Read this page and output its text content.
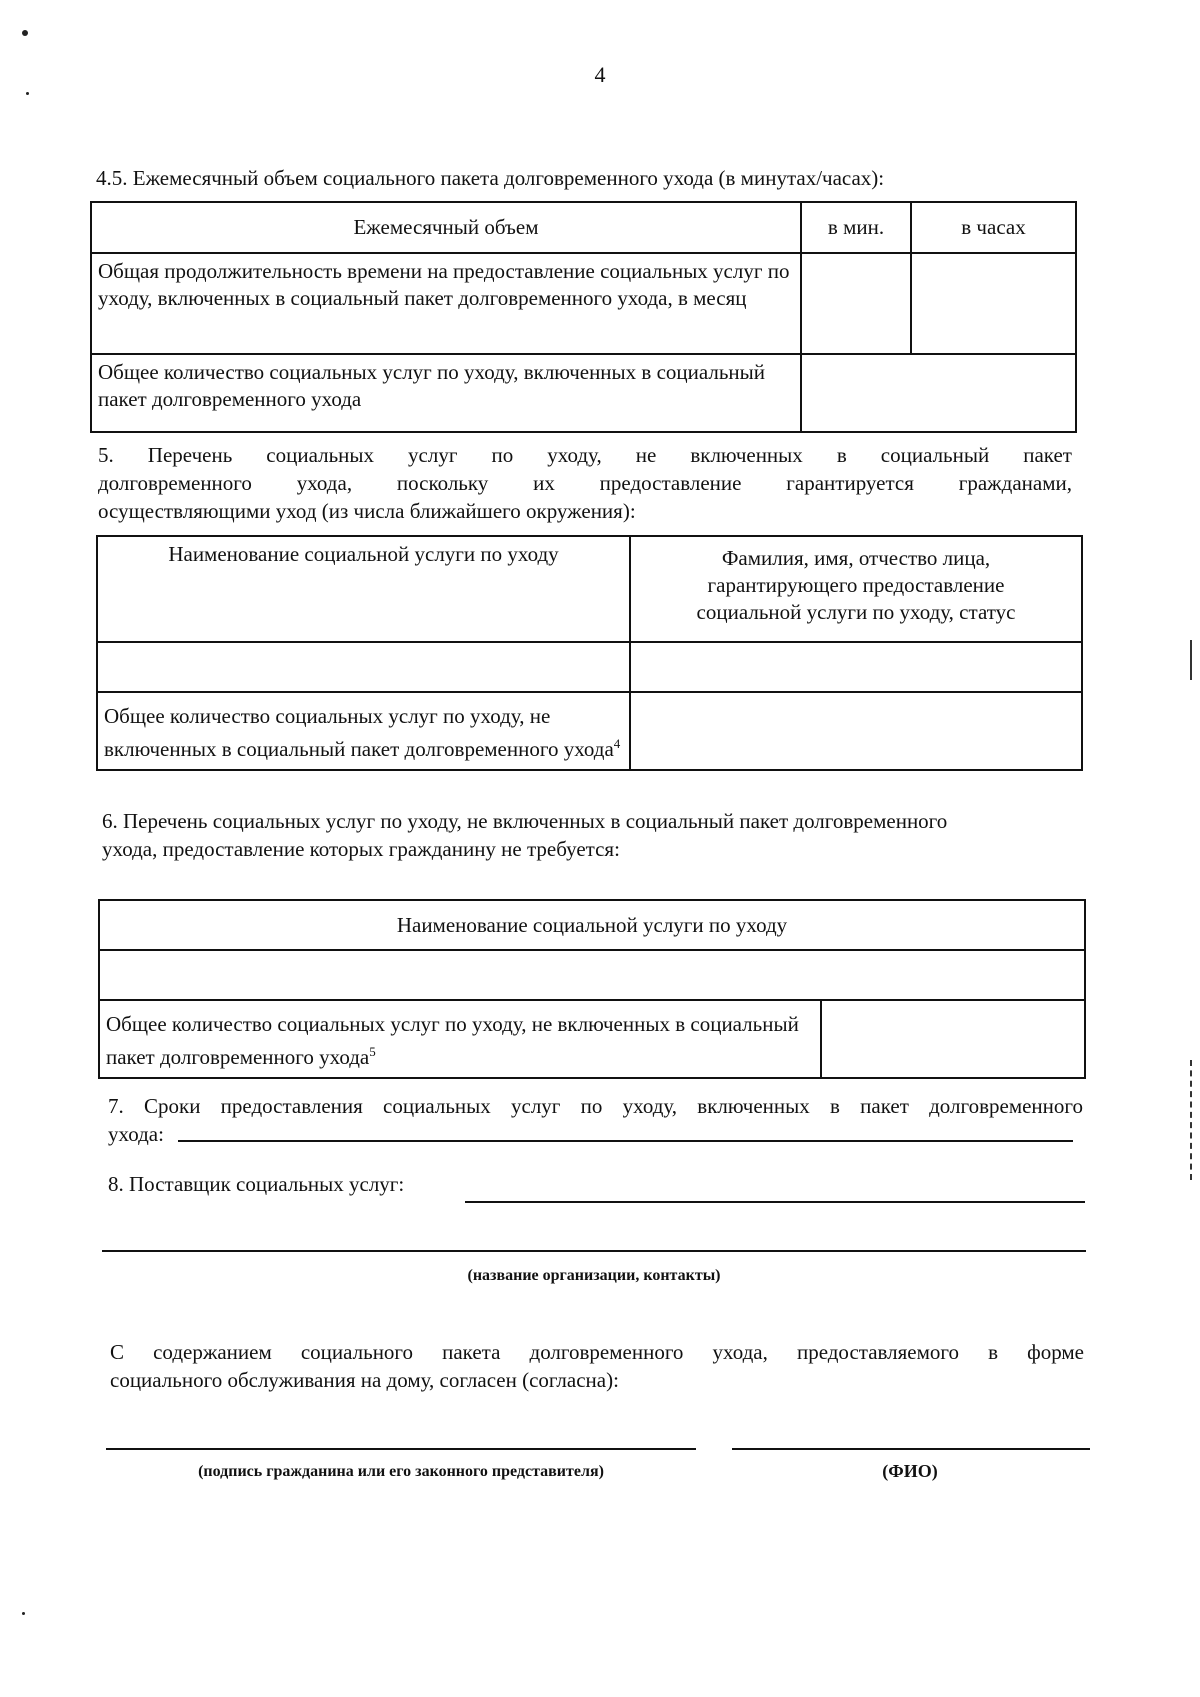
4
4.5. Ежемесячный объем социального пакета долговременного ухода (в минутах/часах):
Ежемесячный объем	в мин.	в часах
Общая продолжительность времени на предоставление социальных услуг по уходу, включенных в социальный пакет долговременного ухода, в месяц		
Общее количество социальных услуг по уходу, включенных в социальный пакет долговременного ухода		
5. Перечень социальных услуг по уходу, не включенных в социальный пакет
долговременного ухода, поскольку их предоставление гарантируется гражданами,
осуществляющими уход (из числа ближайшего окружения):
Наименование социальной услуги по уходу	Фамилия, имя, отчество лица, гарантирующего предоставление социальной услуги по уходу, статус

Общее количество социальных услуг по уходу, не включенных в социальный пакет долговременного ухода$^4$	
6. Перечень социальных услуг по уходу, не включенных в социальный пакет долговременного
ухода, предоставление которых гражданину не требуется:
Наименование социальной услуги по уходу

Общее количество социальных услуг по уходу, не включенных в социальный пакет долговременного ухода$^5$	
7. Сроки предоставления социальных услуг по уходу, включенных в пакет долговременного
ухода:
8. Поставщик социальных услуг:
(название организации, контакты)
С содержанием социального пакета долговременного ухода, предоставляемого в форме
социального обслуживания на дому, согласен (согласна):
(подпись гражданина или его законного представителя)	(ФИО)
